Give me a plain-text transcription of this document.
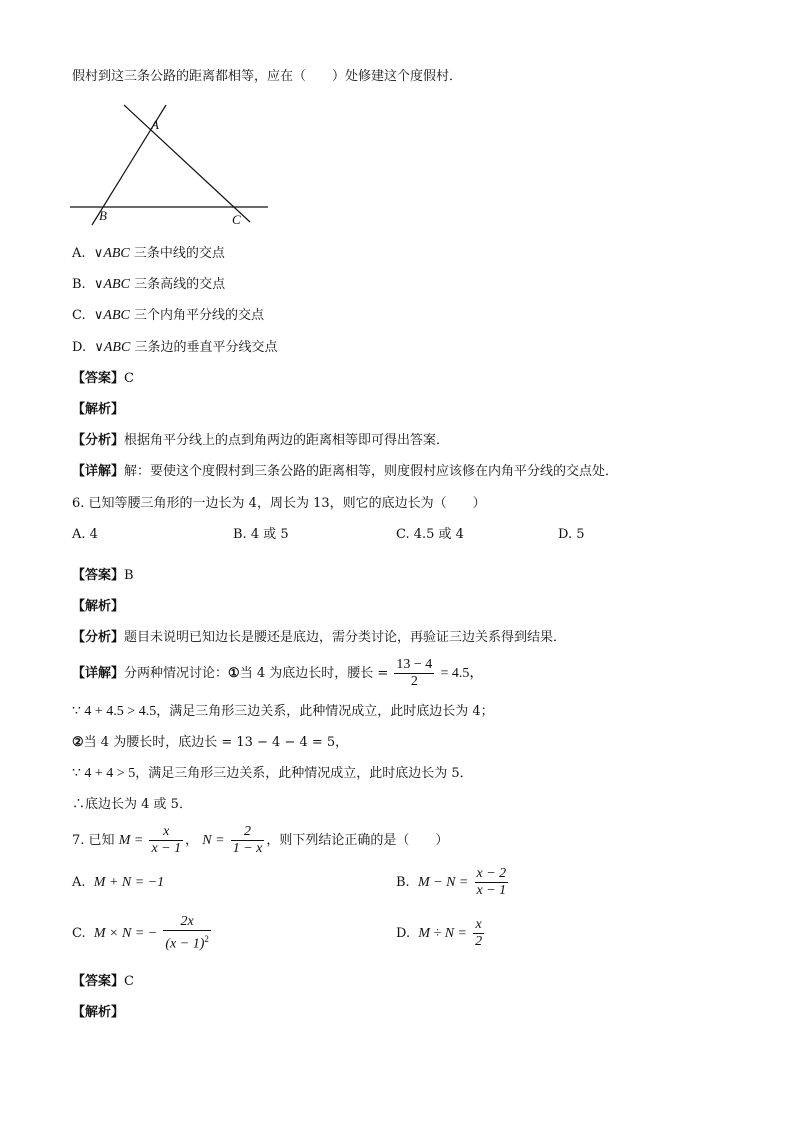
假村到这三条公路的距离都相等，应在（　　）处修建这个度假村．
A
B	C
A. ∨ABC 三条中线的交点
B. ∨ABC 三条高线的交点
C. ∨ABC 三个内角平分线的交点
D. ∨ABC 三条边的垂直平分线交点
【答案】C
【解析】
【分析】根据角平分线上的点到角两边的距离相等即可得出答案．
【详解】解：要使这个度假村到三条公路的距离相等，则度假村应该修在内角平分线的交点处．
6. 已知等腰三角形的一边长为 4，周长为 13，则它的底边长为（　　）
A. 4	B. 4 或 5	C. 4.5 或 4	D. 5
【答案】B
【解析】
【分析】题目未说明已知边长是腰还是底边，需分类讨论，再验证三边关系得到结果．
【详解】分两种情况讨论：①当 4 为底边长时，腰长 = $\frac{13 - 4}{2} = 4.5$，
∵ 4 + 4.5 > 4.5，满足三角形三边关系，此种情况成立，此时底边长为 4；
②当 4 为腰长时，底边长 = 13 − 4 − 4 = 5，
∵ 4 + 4 > 5，满足三角形三边关系，此种情况成立，此时底边长为 5．
∴底边长为 4 或 5．
7. 已知 $M = \frac{x}{x - 1}$ ， $N = \frac{2}{1 - x}$ ，则下列结论正确的是（　　）
A. M + N = −1	B. $M - N = \frac{x - 2}{x - 1}$
C. M × N = − $\frac{2x}{(x - 1)^2}$	D. $M \div N = \frac{x}{2}$
【答案】C
【解析】
